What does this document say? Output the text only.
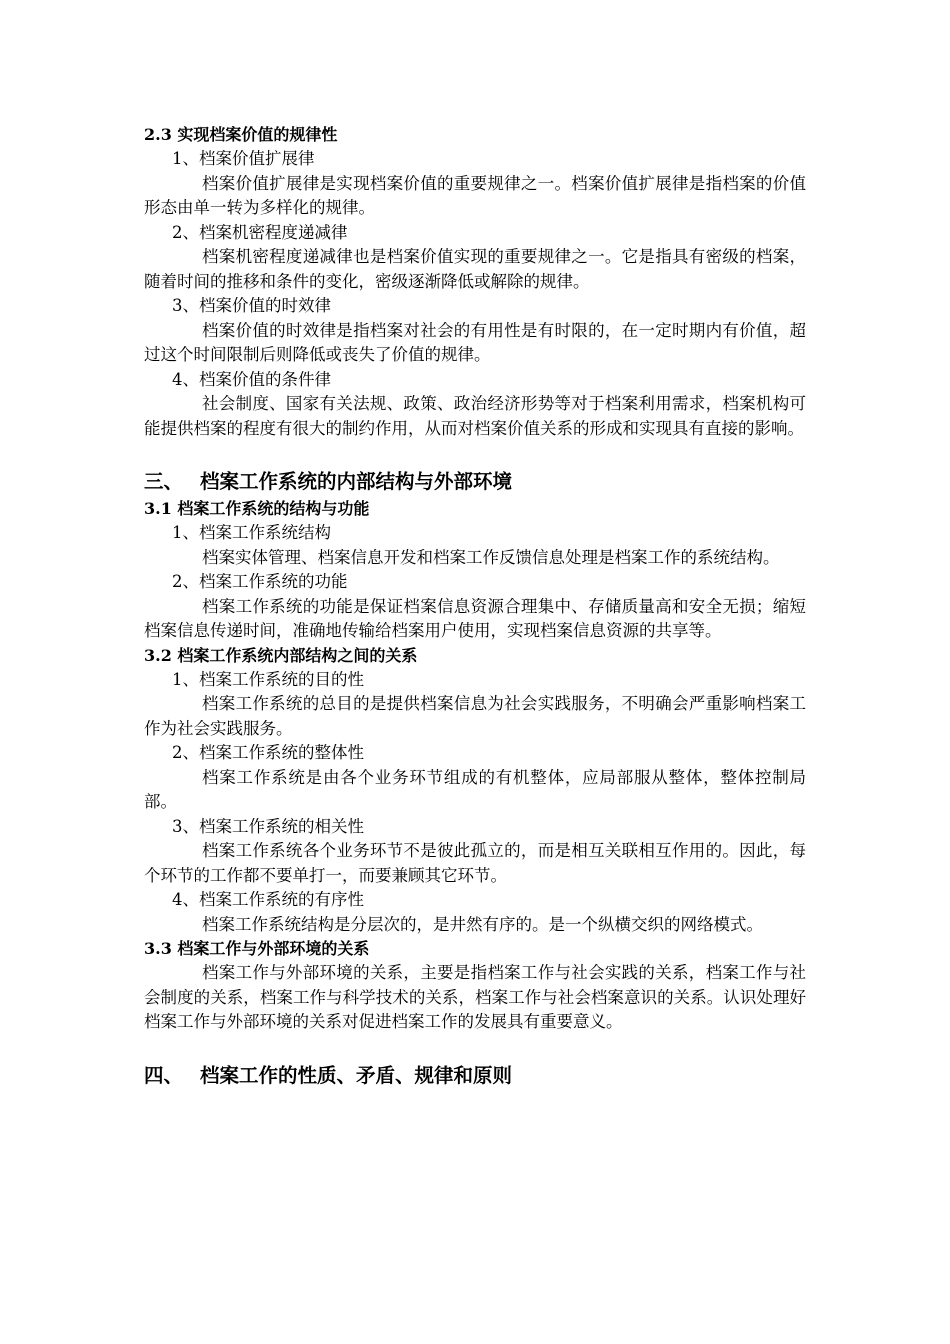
2.3 实现档案价值的规律性
1、档案价值扩展律
档案价值扩展律是实现档案价值的重要规律之一。档案价值扩展律是指档案的价值形态由单一转为多样化的规律。
2、档案机密程度递减律
档案机密程度递减律也是档案价值实现的重要规律之一。它是指具有密级的档案，随着时间的推移和条件的变化，密级逐渐降低或解除的规律。
3、档案价值的时效律
档案价值的时效律是指档案对社会的有用性是有时限的，在一定时期内有价值，超过这个时间限制后则降低或丧失了价值的规律。
4、档案价值的条件律
社会制度、国家有关法规、政策、政治经济形势等对于档案利用需求，档案机构可能提供档案的程度有很大的制约作用，从而对档案价值关系的形成和实现具有直接的影响。
三、 档案工作系统的内部结构与外部环境
3.1 档案工作系统的结构与功能
1、档案工作系统结构
档案实体管理、档案信息开发和档案工作反馈信息处理是档案工作的系统结构。
2、档案工作系统的功能
档案工作系统的功能是保证档案信息资源合理集中、存储质量高和安全无损；缩短档案信息传递时间，准确地传输给档案用户使用，实现档案信息资源的共享等。
3.2 档案工作系统内部结构之间的关系
1、档案工作系统的目的性
档案工作系统的总目的是提供档案信息为社会实践服务，不明确会严重影响档案工作为社会实践服务。
2、档案工作系统的整体性
档案工作系统是由各个业务环节组成的有机整体，应局部服从整体，整体控制局部。
3、档案工作系统的相关性
档案工作系统各个业务环节不是彼此孤立的，而是相互关联相互作用的。因此，每个环节的工作都不要单打一，而要兼顾其它环节。
4、档案工作系统的有序性
档案工作系统结构是分层次的，是井然有序的。是一个纵横交织的网络模式。
3.3 档案工作与外部环境的关系
档案工作与外部环境的关系，主要是指档案工作与社会实践的关系，档案工作与社会制度的关系，档案工作与科学技术的关系，档案工作与社会档案意识的关系。认识处理好档案工作与外部环境的关系对促进档案工作的发展具有重要意义。
四、 档案工作的性质、矛盾、规律和原则
